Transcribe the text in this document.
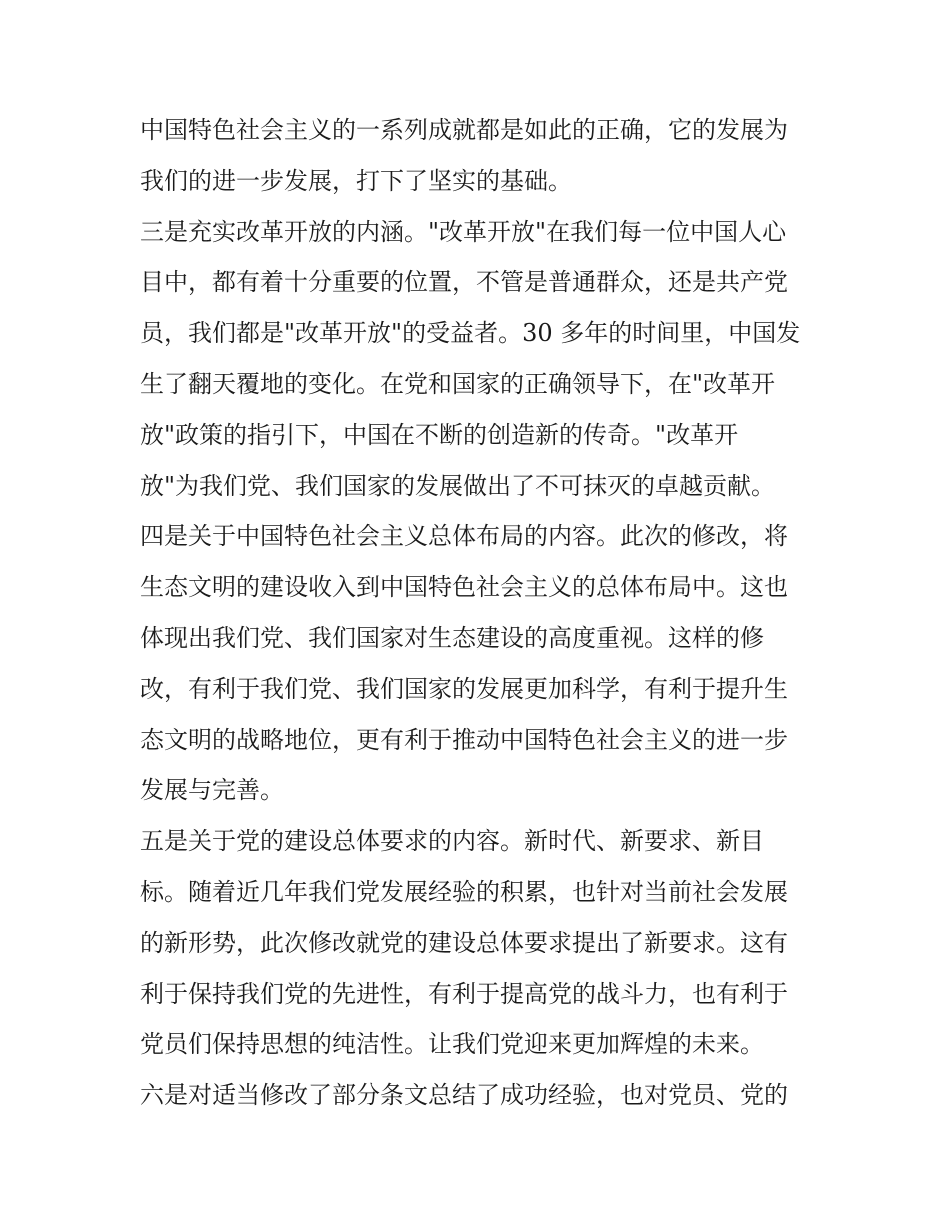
中国特色社会主义的一系列成就都是如此的正确，它的发展为
我们的进一步发展，打下了坚实的基础。
三是充实改革开放的内涵。"改革开放"在我们每一位中国人心
目中，都有着十分重要的位置，不管是普通群众，还是共产党
员，我们都是"改革开放"的受益者。30 多年的时间里，中国发
生了翻天覆地的变化。在党和国家的正确领导下，在"改革开
放"政策的指引下，中国在不断的创造新的传奇。"改革开
放"为我们党、我们国家的发展做出了不可抹灭的卓越贡献。
四是关于中国特色社会主义总体布局的内容。此次的修改，将
生态文明的建设收入到中国特色社会主义的总体布局中。这也
体现出我们党、我们国家对生态建设的高度重视。这样的修
改，有利于我们党、我们国家的发展更加科学，有利于提升生
态文明的战略地位，更有利于推动中国特色社会主义的进一步
发展与完善。
五是关于党的建设总体要求的内容。新时代、新要求、新目
标。随着近几年我们党发展经验的积累，也针对当前社会发展
的新形势，此次修改就党的建设总体要求提出了新要求。这有
利于保持我们党的先进性，有利于提高党的战斗力，也有利于
党员们保持思想的纯洁性。让我们党迎来更加辉煌的未来。
六是对适当修改了部分条文总结了成功经验，也对党员、党的
